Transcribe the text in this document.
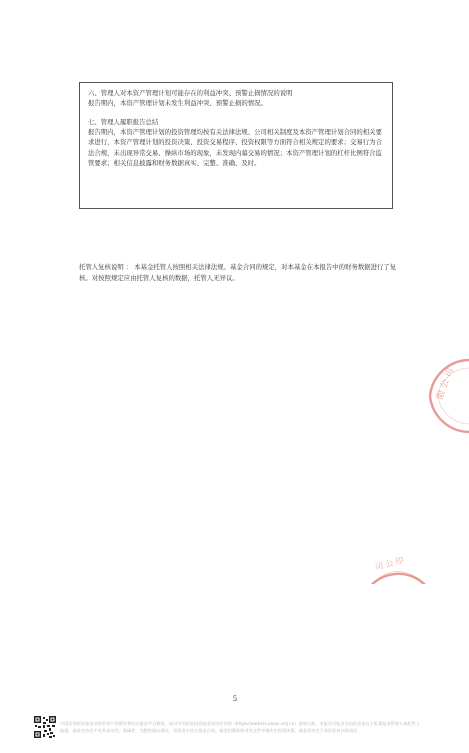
六、管理人对本资产管理计划可能存在的利益冲突、预警止损情况的说明

报告期内，本资产管理计划未发生利益冲突、预警止损的情况。

七、管理人履职报告总结

报告期内，本资产管理计划的投资管理均按有关法律法规、公司相关制度及本资产管理计划合同的相关要求进行，本资产管理计划的投资决策、投资交易程序、投资权限等方面符合相关规定的要求；交易行为合法合规，未出现异常交易、操纵市场的现象，未发现内幕交易的情况；本资产管理计划的杠杆比例符合监管要求；相关信息披露和财务数据真实、完整、准确、及时。

托管人复核说明 ： 本基金托管人按照相关法律法规、基金合同的规定，对本基金在本报告中的财务数据进行了复核。对按照规定应由托管人复核的数据，托管人无异议。
限 公 司
司 公 印
5
中国证券投资基金业协会资产管理业务综合报送平台数据，请以中国证券投资基金业协会官网（https://ambers.amac.org.cn）查询为准，本报告可能涉及的信息来自于私募基金管理人或托管人
披露，基金业协会不对其真实性、准确性、完整性做出保证。投资者应结合基金合同、基金招募说明书等文件审慎作出投资决策，基金业协会不承担任何法律责任。
